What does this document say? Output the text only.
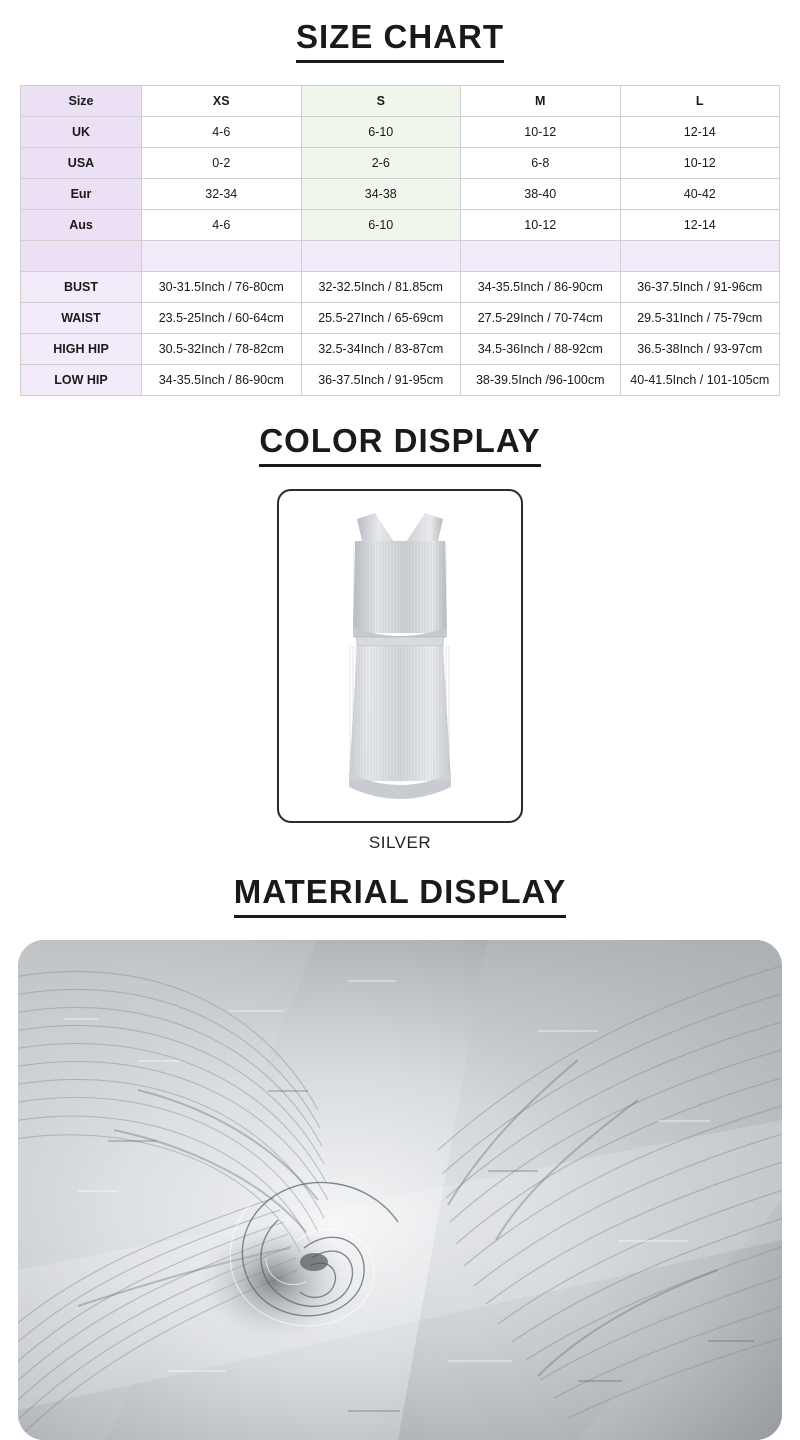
SIZE CHART
Size	XS	S	M	L
UK	4-6	6-10	10-12	12-14
USA	0-2	2-6	6-8	10-12
Eur	32-34	34-38	38-40	40-42
Aus	4-6	6-10	10-12	12-14

BUST	30-31.5Inch / 76-80cm	32-32.5Inch / 81.85cm	34-35.5Inch / 86-90cm	36-37.5Inch / 91-96cm
WAIST	23.5-25Inch / 60-64cm	25.5-27Inch / 65-69cm	27.5-29Inch / 70-74cm	29.5-31Inch / 75-79cm
HIGH HIP	30.5-32Inch / 78-82cm	32.5-34Inch / 83-87cm	34.5-36Inch / 88-92cm	36.5-38Inch / 93-97cm
LOW HIP	34-35.5Inch / 86-90cm	36-37.5Inch / 91-95cm	38-39.5Inch /96-100cm	40-41.5Inch / 101-105cm
COLOR DISPLAY
SILVER
MATERIAL DISPLAY
